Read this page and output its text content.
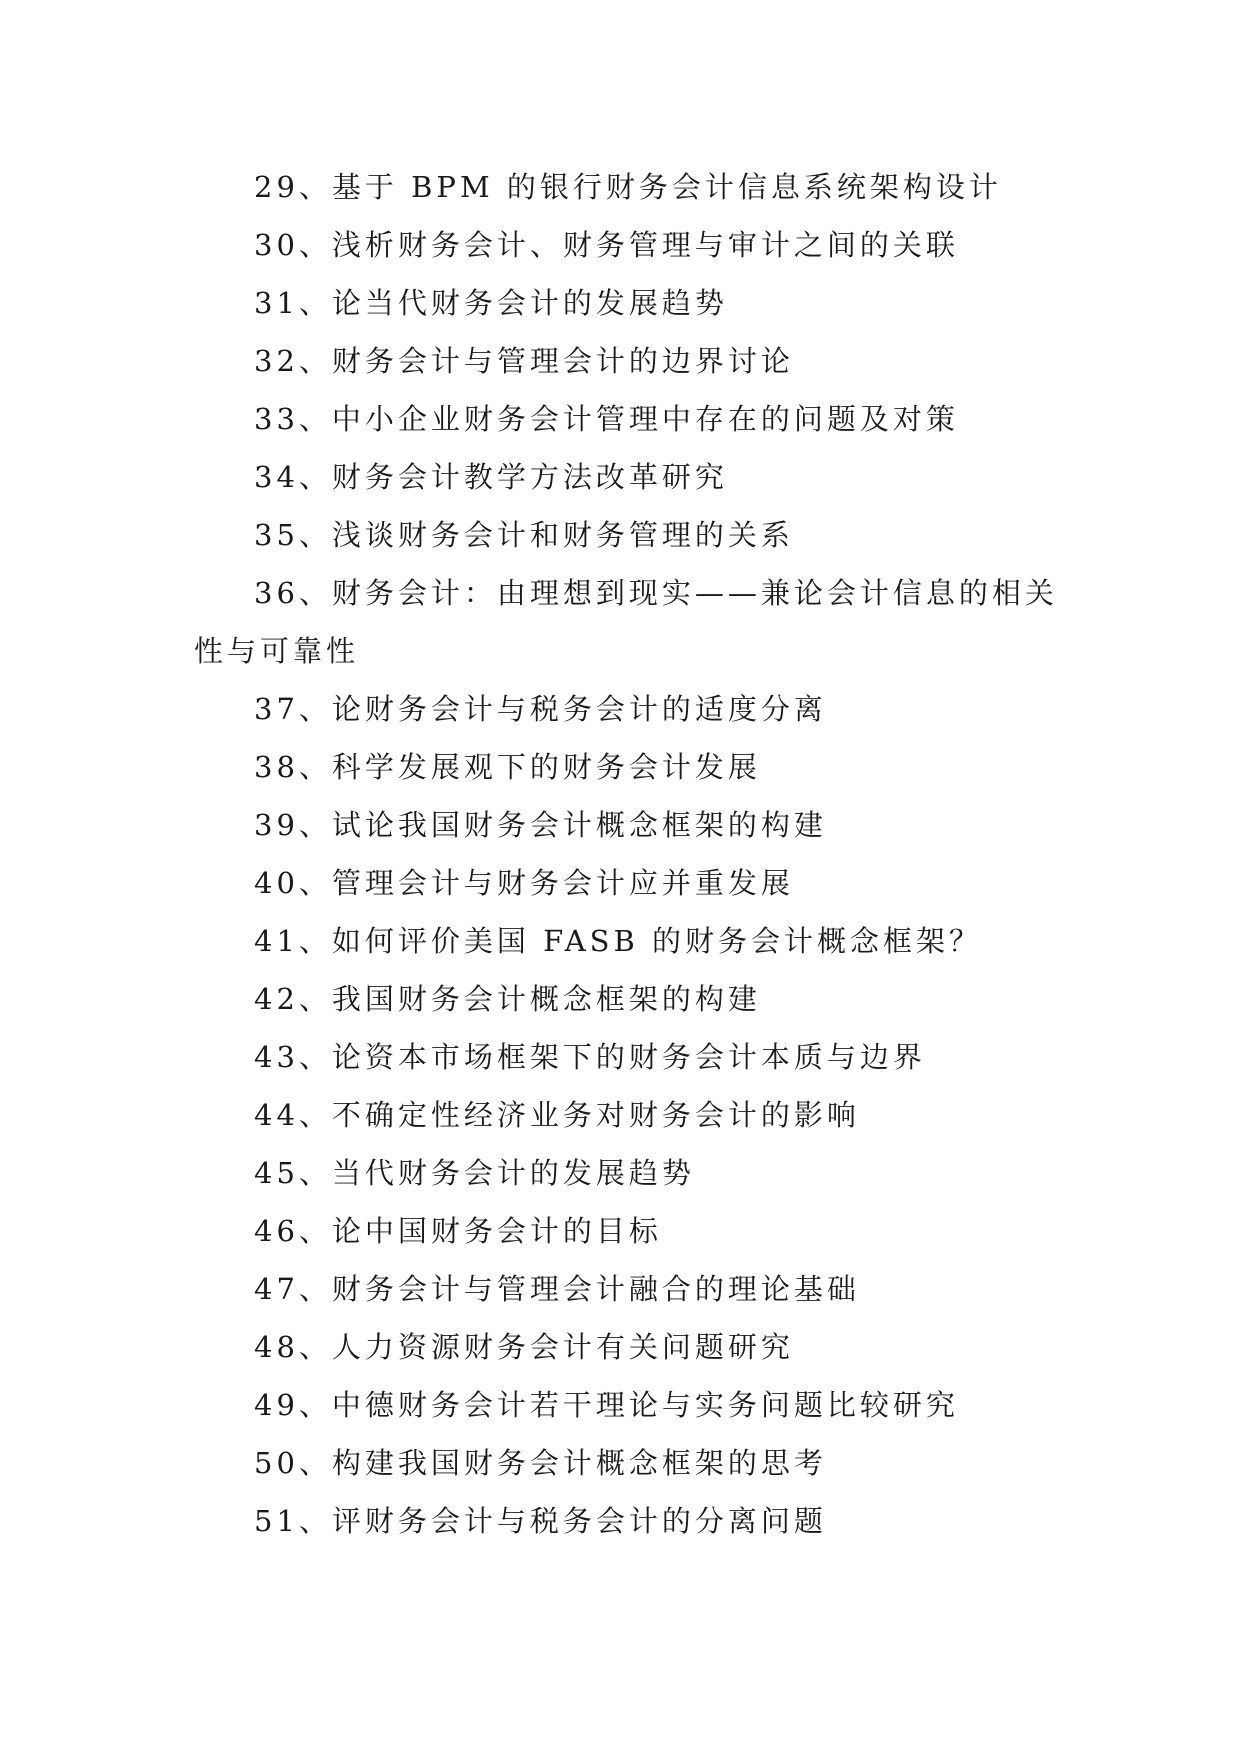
29、基于 BPM 的银行财务会计信息系统架构设计
30、浅析财务会计、财务管理与审计之间的关联
31、论当代财务会计的发展趋势
32、财务会计与管理会计的边界讨论
33、中小企业财务会计管理中存在的问题及对策
34、财务会计教学方法改革研究
35、浅谈财务会计和财务管理的关系
36、财务会计：由理想到现实——兼论会计信息的相关性与可靠性
37、论财务会计与税务会计的适度分离
38、科学发展观下的财务会计发展
39、试论我国财务会计概念框架的构建
40、管理会计与财务会计应并重发展
41、如何评价美国 FASB 的财务会计概念框架？
42、我国财务会计概念框架的构建
43、论资本市场框架下的财务会计本质与边界
44、不确定性经济业务对财务会计的影响
45、当代财务会计的发展趋势
46、论中国财务会计的目标
47、财务会计与管理会计融合的理论基础
48、人力资源财务会计有关问题研究
49、中德财务会计若干理论与实务问题比较研究
50、构建我国财务会计概念框架的思考
51、评财务会计与税务会计的分离问题
